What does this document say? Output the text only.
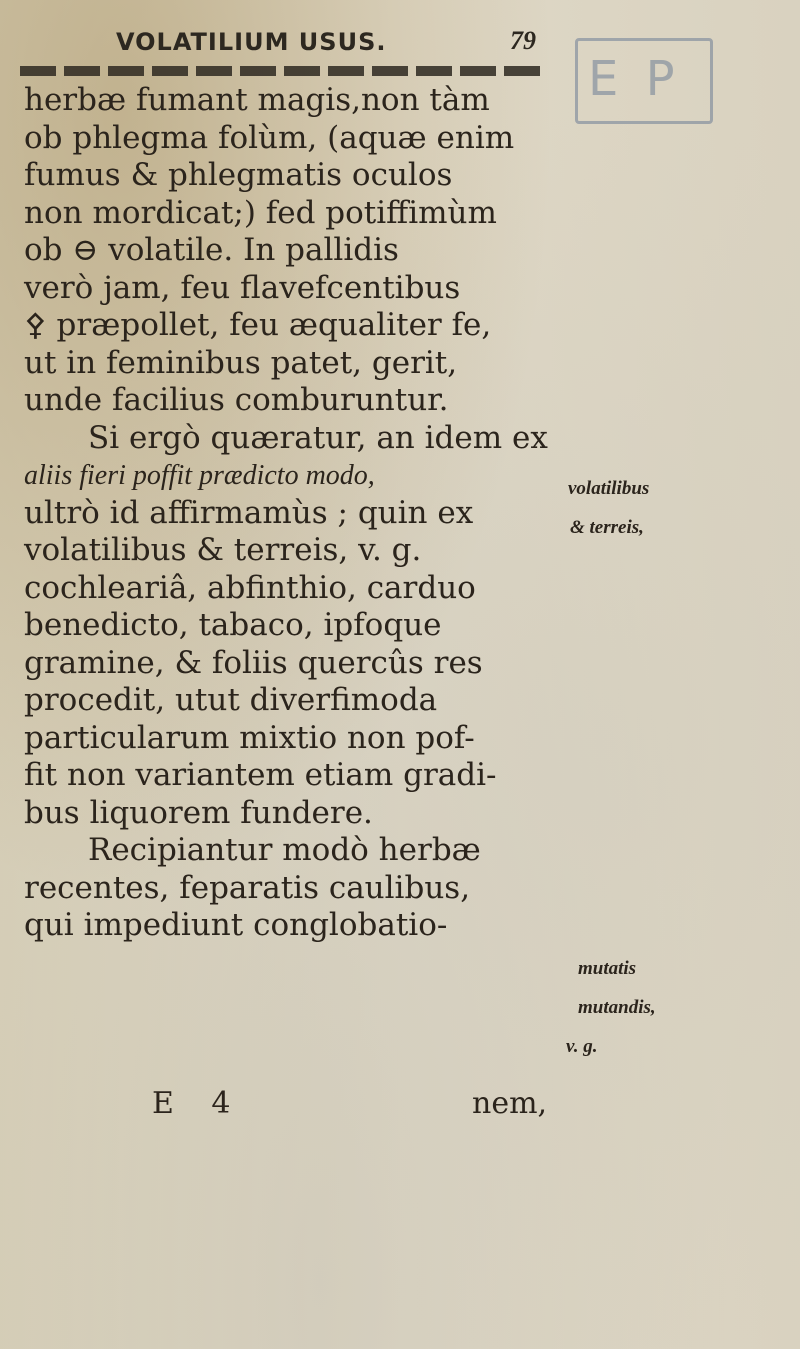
VOLATILIUM USUS.	79
E P
herbæ fumant magis,non tàm
ob phlegma folùm, (aquæ enim
fumus & phlegmatis oculos
non mordicat;) fed potiffimùm
ob ⊖ volatile. In pallidis
verò jam, feu flavefcentibus
⚴ præpollet, feu æqualiter fe,
ut in feminibus patet, gerit,
unde facilius comburuntur.
Si ergò quæratur, an idem ex
aliis fieri poffit prædicto modo,
ultrò id affirmamùs ; quin ex
volatilibus & terreis, v. g.
cochleariâ, abfinthio, carduo
benedicto, tabaco, ipfoque
gramine, & foliis quercûs res
procedit, utut diverfimoda
particularum mixtio non pof-
fit non variantem etiam gradi-
bus liquorem fundere.
Recipiantur modò herbæ
recentes, feparatis caulibus,
qui impediunt conglobatio-
volatilibus
& terreis,
mutatis
mutandis,
v. g.
E 4	nem,
